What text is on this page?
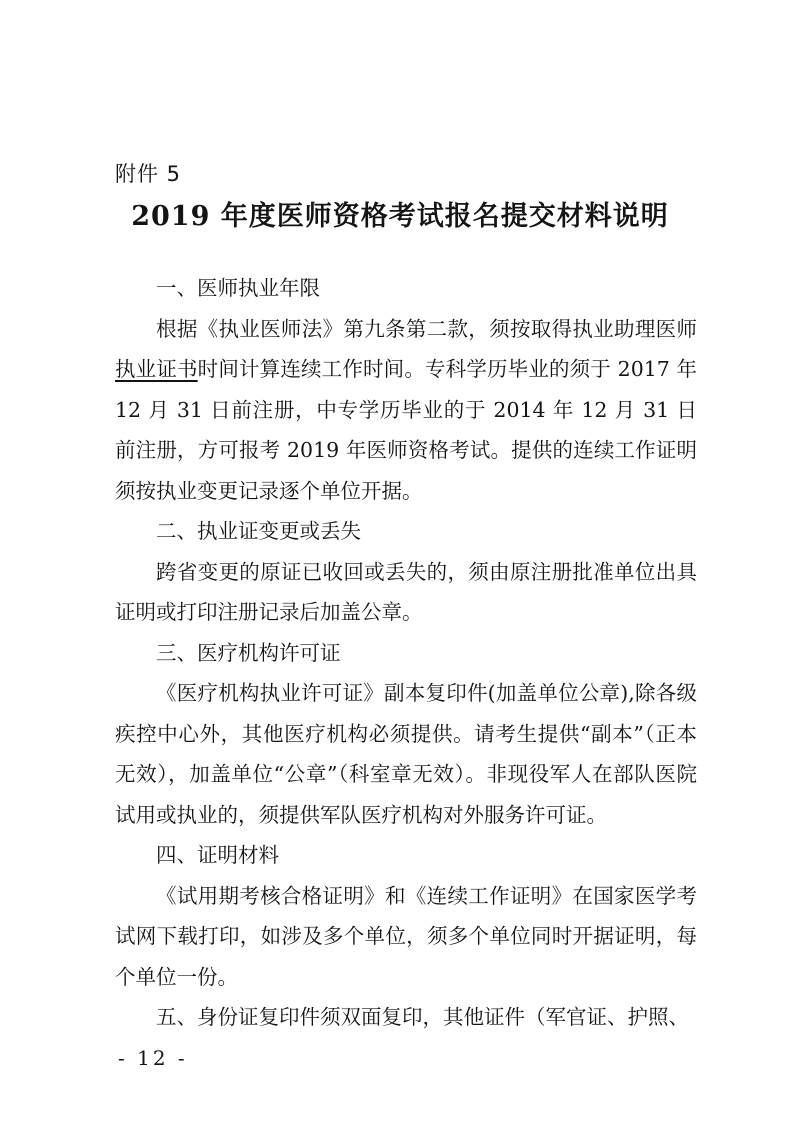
附件 5
2019 年度医师资格考试报名提交材料说明

一、医师执业年限

根据《执业医师法》第九条第二款，须按取得执业助理医师执业证书时间计算连续工作时间。专科学历毕业的须于 2017 年 12 月 31 日前注册，中专学历毕业的于 2014 年 12 月 31 日前注册，方可报考 2019 年医师资格考试。提供的连续工作证明须按执业变更记录逐个单位开据。

二、执业证变更或丢失

跨省变更的原证已收回或丢失的，须由原注册批准单位出具证明或打印注册记录后加盖公章。

三、医疗机构许可证

《医疗机构执业许可证》副本复印件(加盖单位公章),除各级疾控中心外，其他医疗机构必须提供。请考生提供“副本”（正本无效），加盖单位“公章”（科室章无效）。非现役军人在部队医院试用或执业的，须提供军队医疗机构对外服务许可证。

四、证明材料

《试用期考核合格证明》和《连续工作证明》在国家医学考试网下载打印，如涉及多个单位，须多个单位同时开据证明，每个单位一份。

五、身份证复印件须双面复印，其他证件（军官证、护照、

- 12 -
